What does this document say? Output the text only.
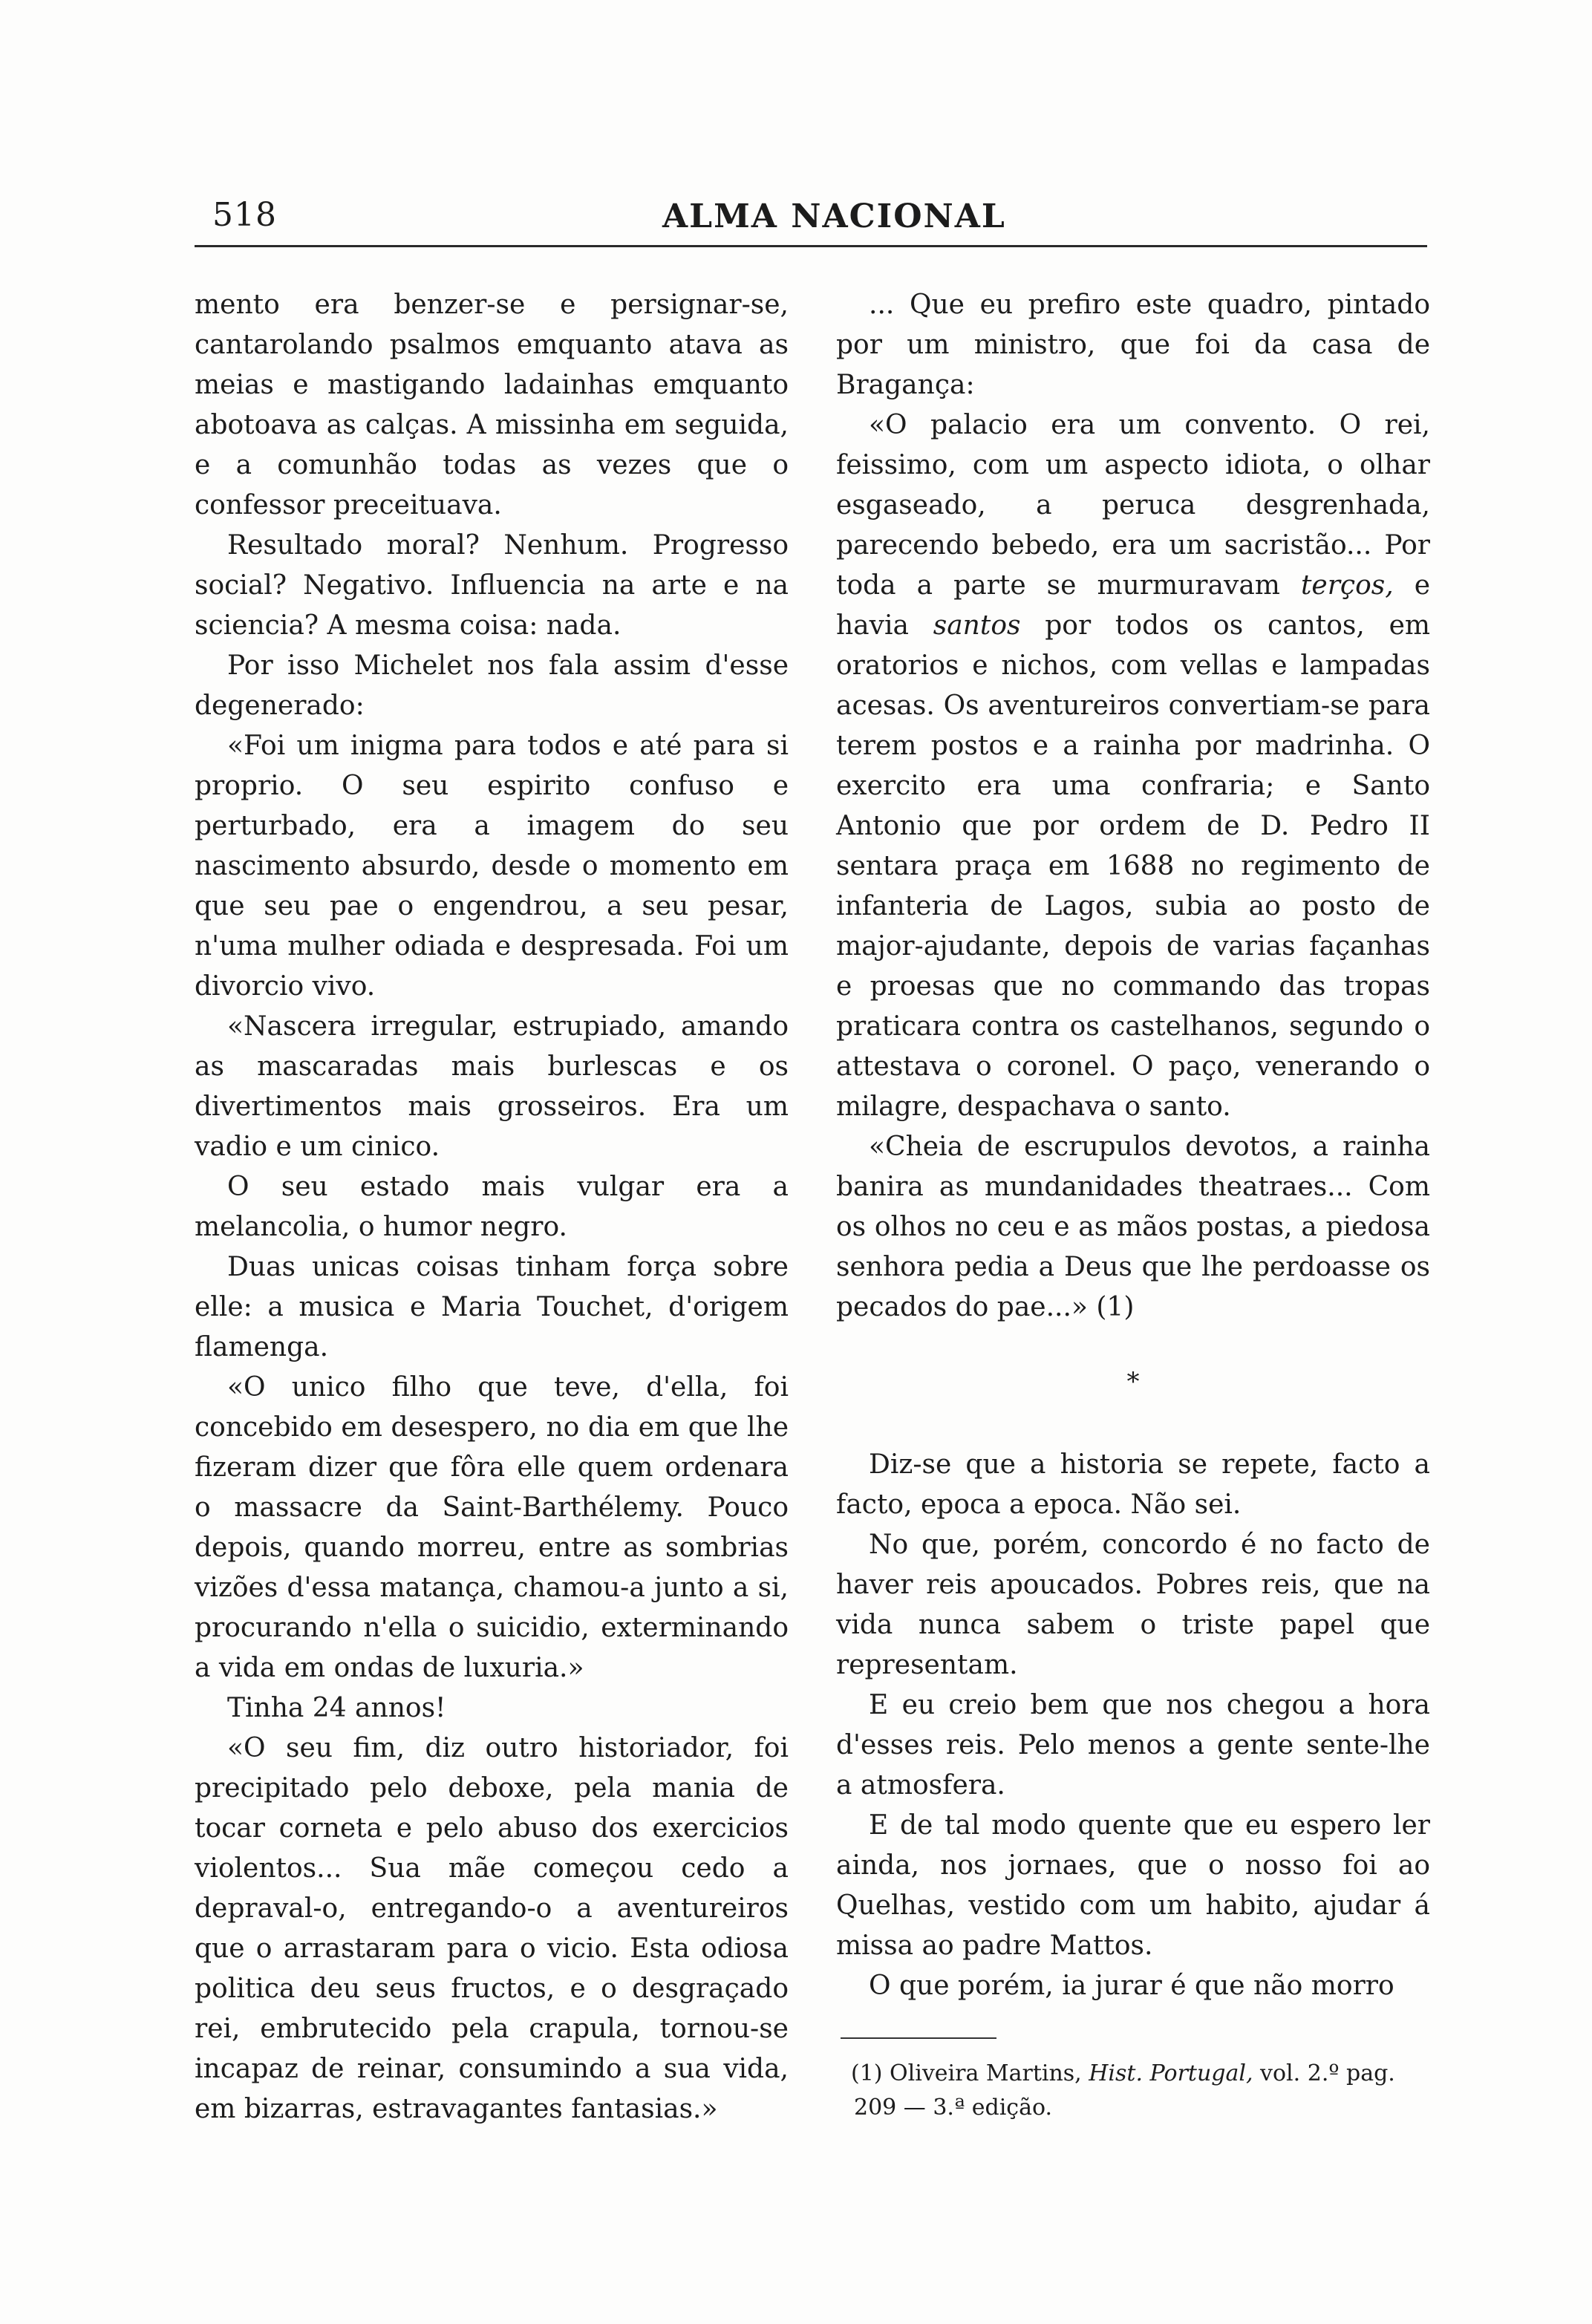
518	ALMA NACIONAL

mento era benzer-se e persignar-se, cantarolando psalmos emquanto atava as meias e mastigando ladainhas emquanto abotoava as calças. A missinha em seguida, e a comunhão todas as vezes que o confessor preceituava.

Resultado moral? Nenhum. Progresso social? Negativo. Influencia na arte e na sciencia? A mesma coisa: nada.

Por isso Michelet nos fala assim d'esse degenerado:

«Foi um inigma para todos e até para si proprio. O seu espirito confuso e perturbado, era a imagem do seu nascimento absurdo, desde o momento em que seu pae o engendrou, a seu pesar, n'uma mulher odiada e despresada. Foi um divorcio vivo.

«Nascera irregular, estrupiado, amando as mascaradas mais burlescas e os divertimentos mais grosseiros. Era um vadio e um cinico.

O seu estado mais vulgar era a melancolia, o humor negro.

Duas unicas coisas tinham força sobre elle: a musica e Maria Touchet, d'origem flamenga.

«O unico filho que teve, d'ella, foi concebido em desespero, no dia em que lhe fizeram dizer que fôra elle quem ordenara o massacre da Saint-Barthélemy. Pouco depois, quando morreu, entre as sombrias vizões d'essa matança, chamou-a junto a si, procurando n'ella o suicidio, exterminando a vida em ondas de luxuria.»

Tinha 24 annos!

«O seu fim, diz outro historiador, foi precipitado pelo deboxe, pela mania de tocar corneta e pelo abuso dos exercicios violentos... Sua mãe começou cedo a depraval-o, entregando-o a aventureiros que o arrastaram para o vicio. Esta odiosa politica deu seus fructos, e o desgraçado rei, embrutecido pela crapula, tornou-se incapaz de reinar, consumindo a sua vida, em bizarras, estravagantes fantasias.»

... Que eu prefiro este quadro, pintado por um ministro, que foi da casa de Bragança:

«O palacio era um convento. O rei, feissimo, com um aspecto idiota, o olhar esgaseado, a peruca desgrenhada, parecendo bebedo, era um sacristão... Por toda a parte se murmuravam terços, e havia santos por todos os cantos, em oratorios e nichos, com vellas e lampadas acesas. Os aventureiros convertiam-se para terem postos e a rainha por madrinha. O exercito era uma confraria; e Santo Antonio que por ordem de D. Pedro II sentara praça em 1688 no regimento de infanteria de Lagos, subia ao posto de major-ajudante, depois de varias façanhas e proesas que no commando das tropas praticara contra os castelhanos, segundo o attestava o coronel. O paço, venerando o milagre, despachava o santo.

«Cheia de escrupulos devotos, a rainha banira as mundanidades theatraes... Com os olhos no ceu e as mãos postas, a piedosa senhora pedia a Deus que lhe perdoasse os pecados do pae...» (1)

*

Diz-se que a historia se repete, facto a facto, epoca a epoca. Não sei.

No que, porém, concordo é no facto de haver reis apoucados. Pobres reis, que na vida nunca sabem o triste papel que representam.

E eu creio bem que nos chegou a hora d'esses reis. Pelo menos a gente sente-lhe a atmosfera.

E de tal modo quente que eu espero ler ainda, nos jornaes, que o nosso foi ao Quelhas, vestido com um habito, ajudar á missa ao padre Mattos.

O que porém, ia jurar é que não morro

(1) Oliveira Martins, Hist. Portugal, vol. 2.º pag. 209 — 3.ª edição.
